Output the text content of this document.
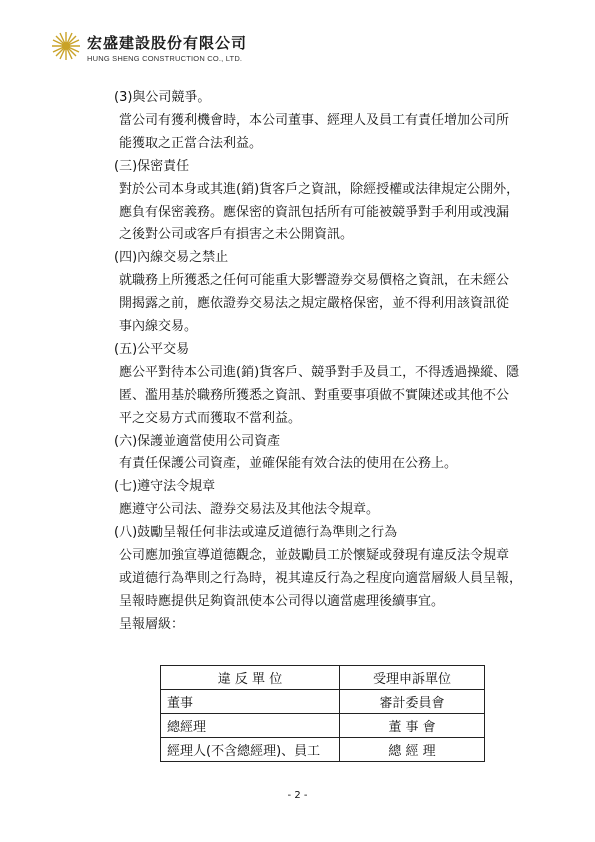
宏盛建設股份有限公司
HUNG SHENG CONSTRUCTION CO., LTD.
(3)與公司競爭。
當公司有獲利機會時，本公司董事、經理人及員工有責任增加公司所
能獲取之正當合法利益。
(三)保密責任
對於公司本身或其進(銷)貨客戶之資訊，除經授權或法律規定公開外，
應負有保密義務。應保密的資訊包括所有可能被競爭對手利用或洩漏
之後對公司或客戶有損害之未公開資訊。
(四)內線交易之禁止
就職務上所獲悉之任何可能重大影響證券交易價格之資訊，在未經公
開揭露之前，應依證券交易法之規定嚴格保密，並不得利用該資訊從
事內線交易。
(五)公平交易
應公平對待本公司進(銷)貨客戶、競爭對手及員工，不得透過操縱、隱
匿、濫用基於職務所獲悉之資訊、對重要事項做不實陳述或其他不公
平之交易方式而獲取不當利益。
(六)保護並適當使用公司資產
有責任保護公司資產，並確保能有效合法的使用在公務上。
(七)遵守法令規章
應遵守公司法、證券交易法及其他法令規章。
(八)鼓勵呈報任何非法或違反道德行為準則之行為
公司應加強宣導道德觀念，並鼓勵員工於懷疑或發現有違反法令規章
或道德行為準則之行為時，視其違反行為之程度向適當層級人員呈報，
呈報時應提供足夠資訊使本公司得以適當處理後續事宜。
呈報層級：
違 反 單 位	受理申訴單位
董事	審計委員會
總經理	董 事 會
經理人(不含總經理)、員工	總 經 理
- 2 -
